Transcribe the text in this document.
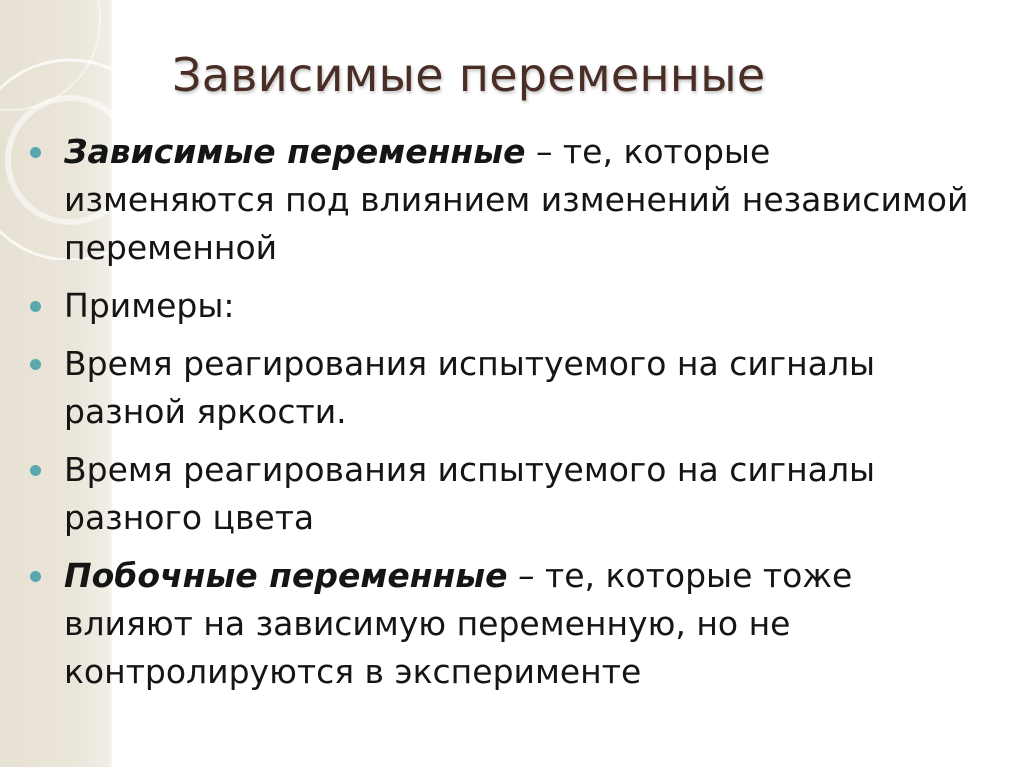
Зависимые переменные
Зависимые переменные – те, которые изменяются под влиянием изменений независимой переменной
Примеры:
Время реагирования испытуемого на сигналы разной яркости.
Время реагирования испытуемого на сигналы разного цвета
Побочные переменные – те, которые тоже влияют на зависимую переменную, но не контролируются в эксперименте
